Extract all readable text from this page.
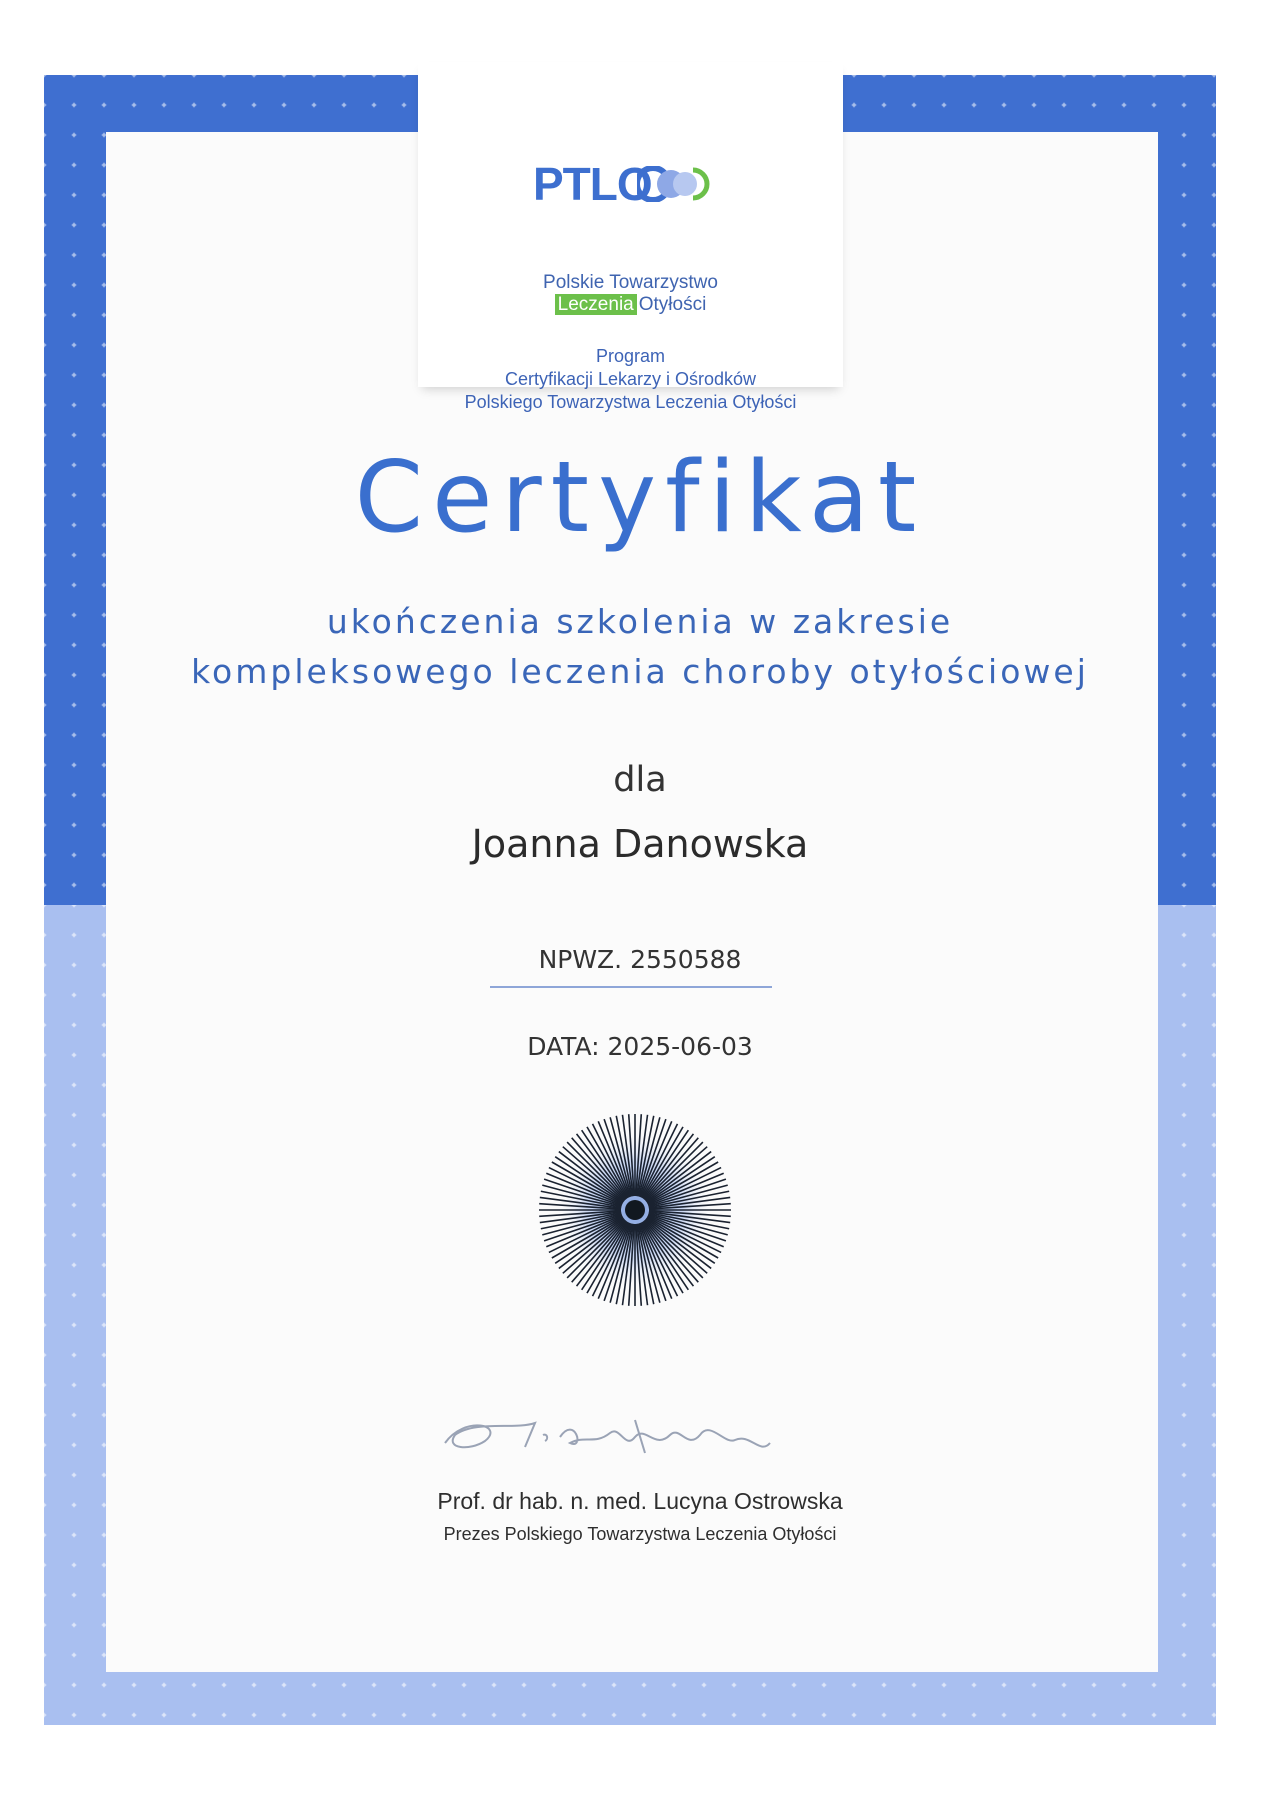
PTLO
Polskie Towarzystwo
Leczenia Otyłości
Program
Certyfikacji Lekarzy i Ośrodków
Polskiego Towarzystwa Leczenia Otyłości
Certyfikat
ukończenia szkolenia w zakresie
kompleksowego leczenia choroby otyłościowej
dla
Joanna Danowska
NPWZ. 2550588
DATA: 2025-06-03
Prof. dr hab. n. med. Lucyna Ostrowska
Prezes Polskiego Towarzystwa Leczenia Otyłości
